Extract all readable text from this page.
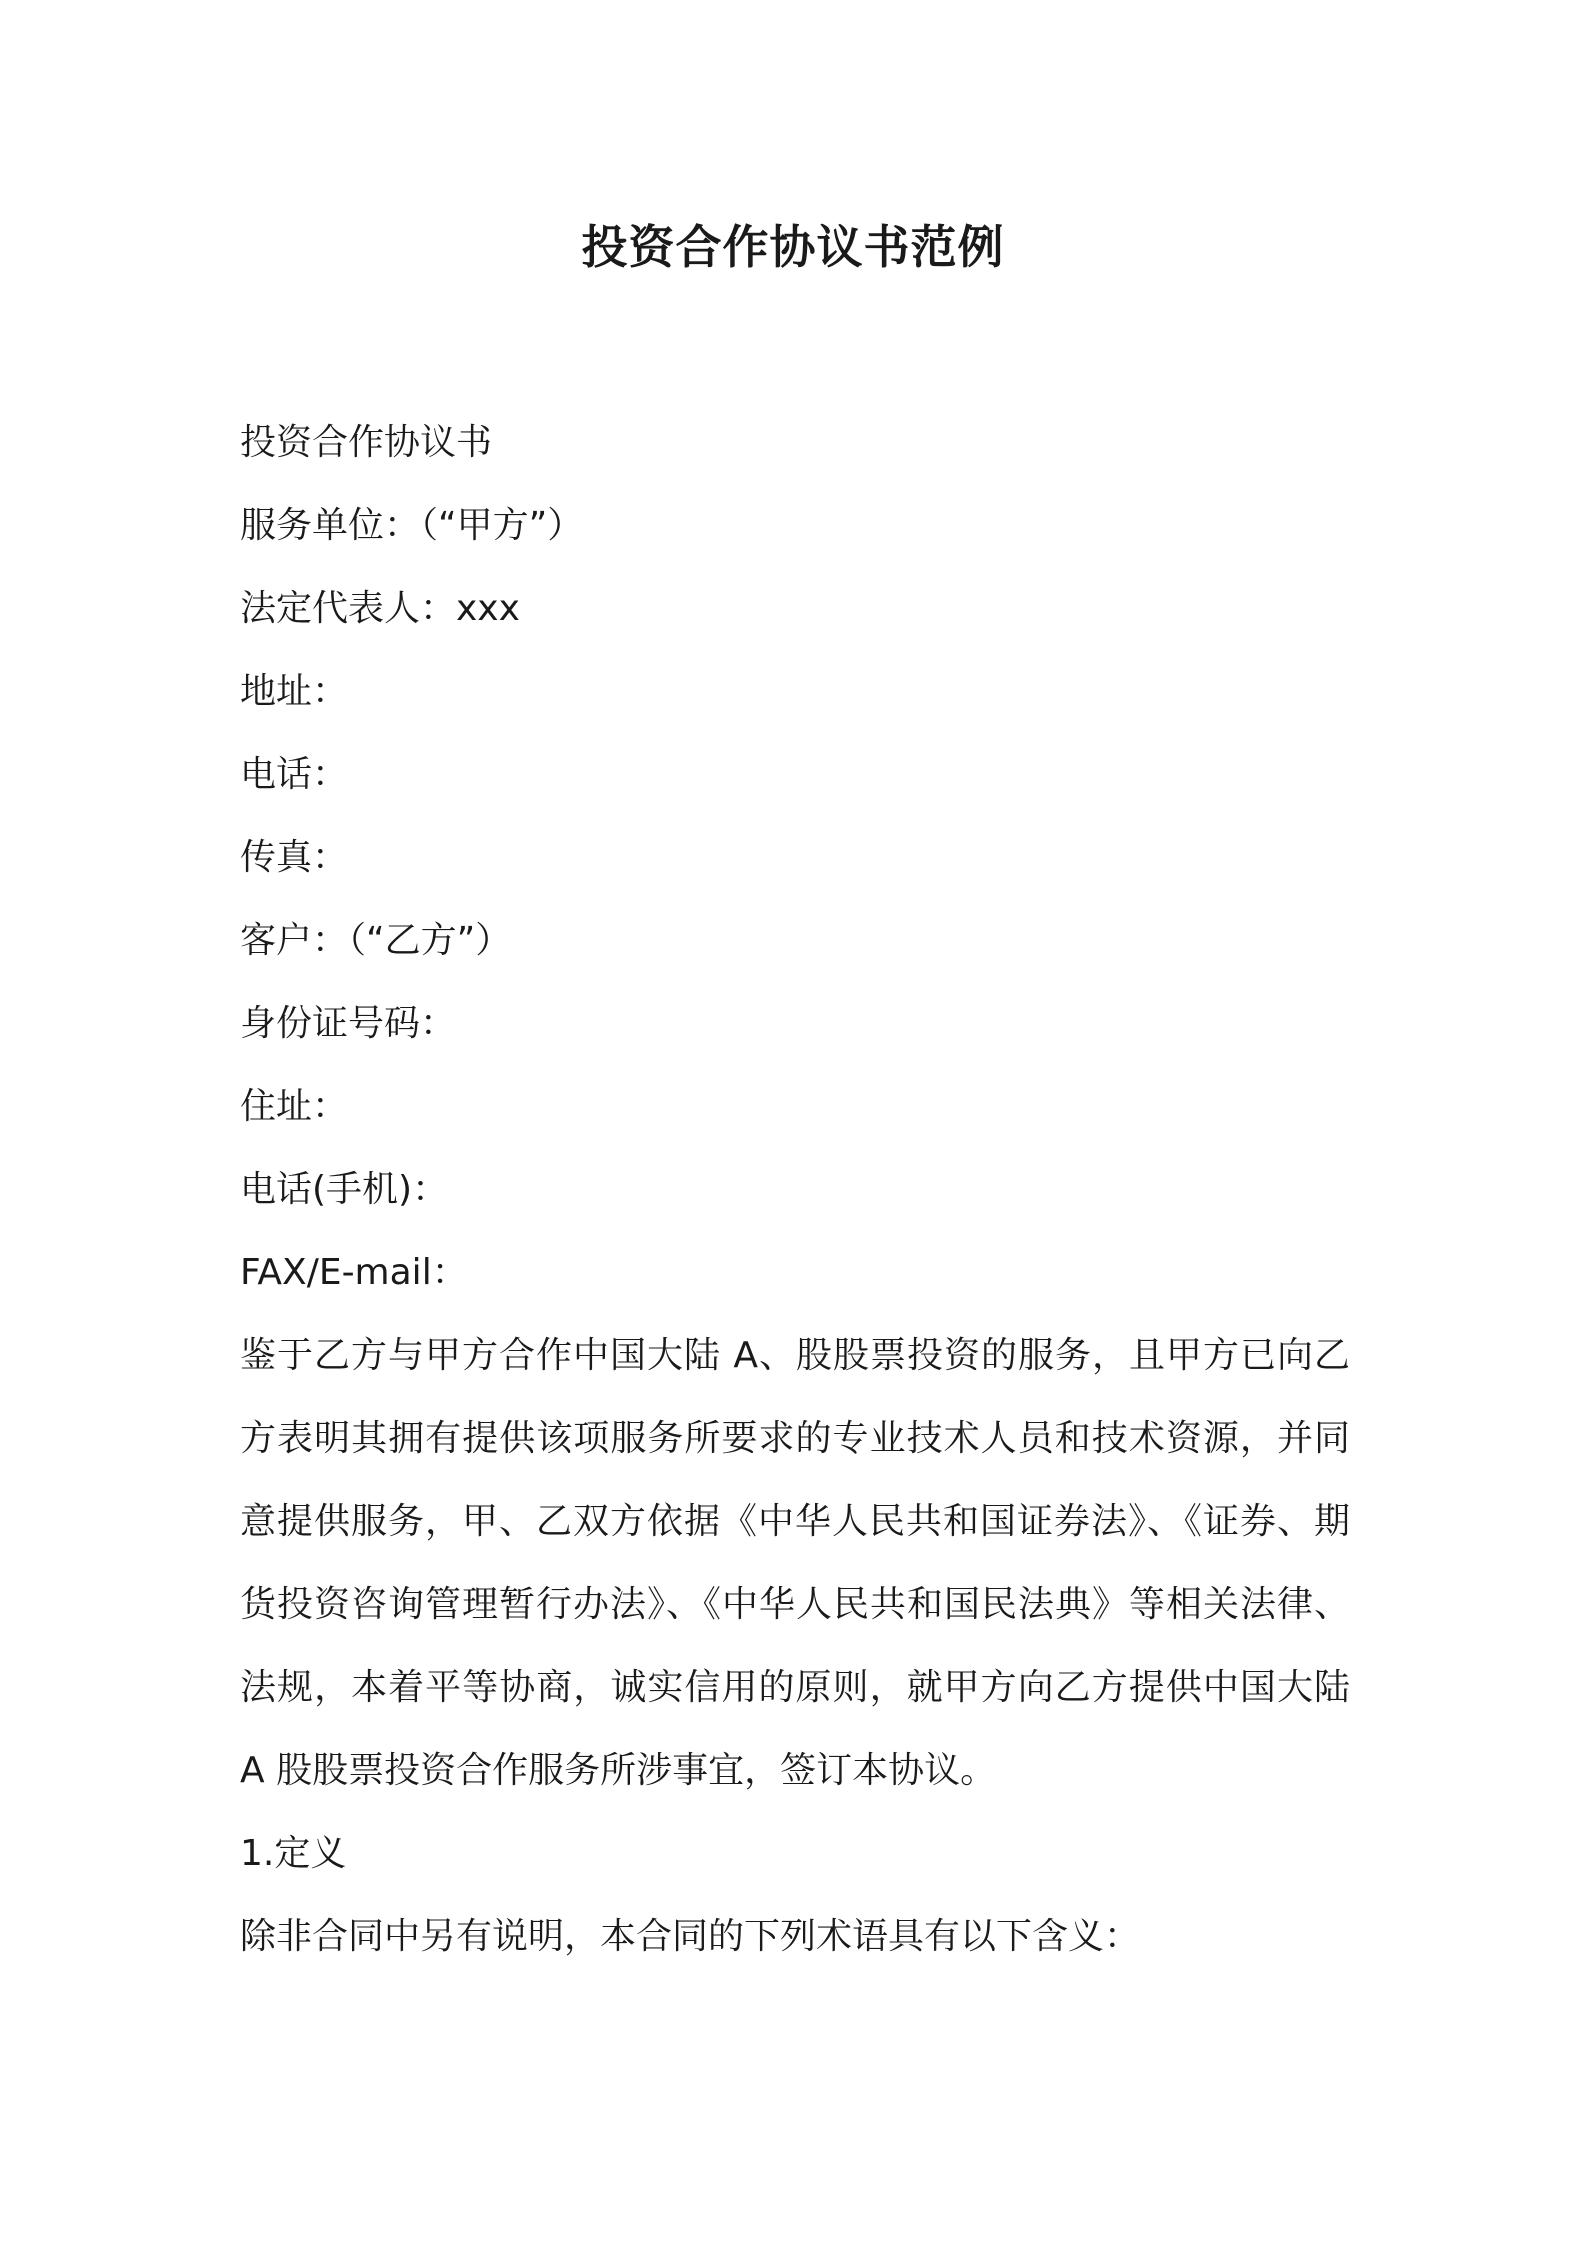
投资合作协议书范例
投资合作协议书
服务单位：（“甲方”）
法定代表人：xxx
地址：
电话：
传真：
客户：（“乙方”）
身份证号码：
住址：
电话(手机)：
FAX/E-mail：
鉴于乙方与甲方合作中国大陆 A、股股票投资的服务，且甲方已向乙
方表明其拥有提供该项服务所要求的专业技术人员和技术资源，并同
意提供服务，甲、乙双方依据《中华人民共和国证券法》、《证券、期
货投资咨询管理暂行办法》、《中华人民共和国民法典》等相关法律、
法规，本着平等协商，诚实信用的原则，就甲方向乙方提供中国大陆
A 股股票投资合作服务所涉事宜，签订本协议。
1.定义
除非合同中另有说明，本合同的下列术语具有以下含义：
